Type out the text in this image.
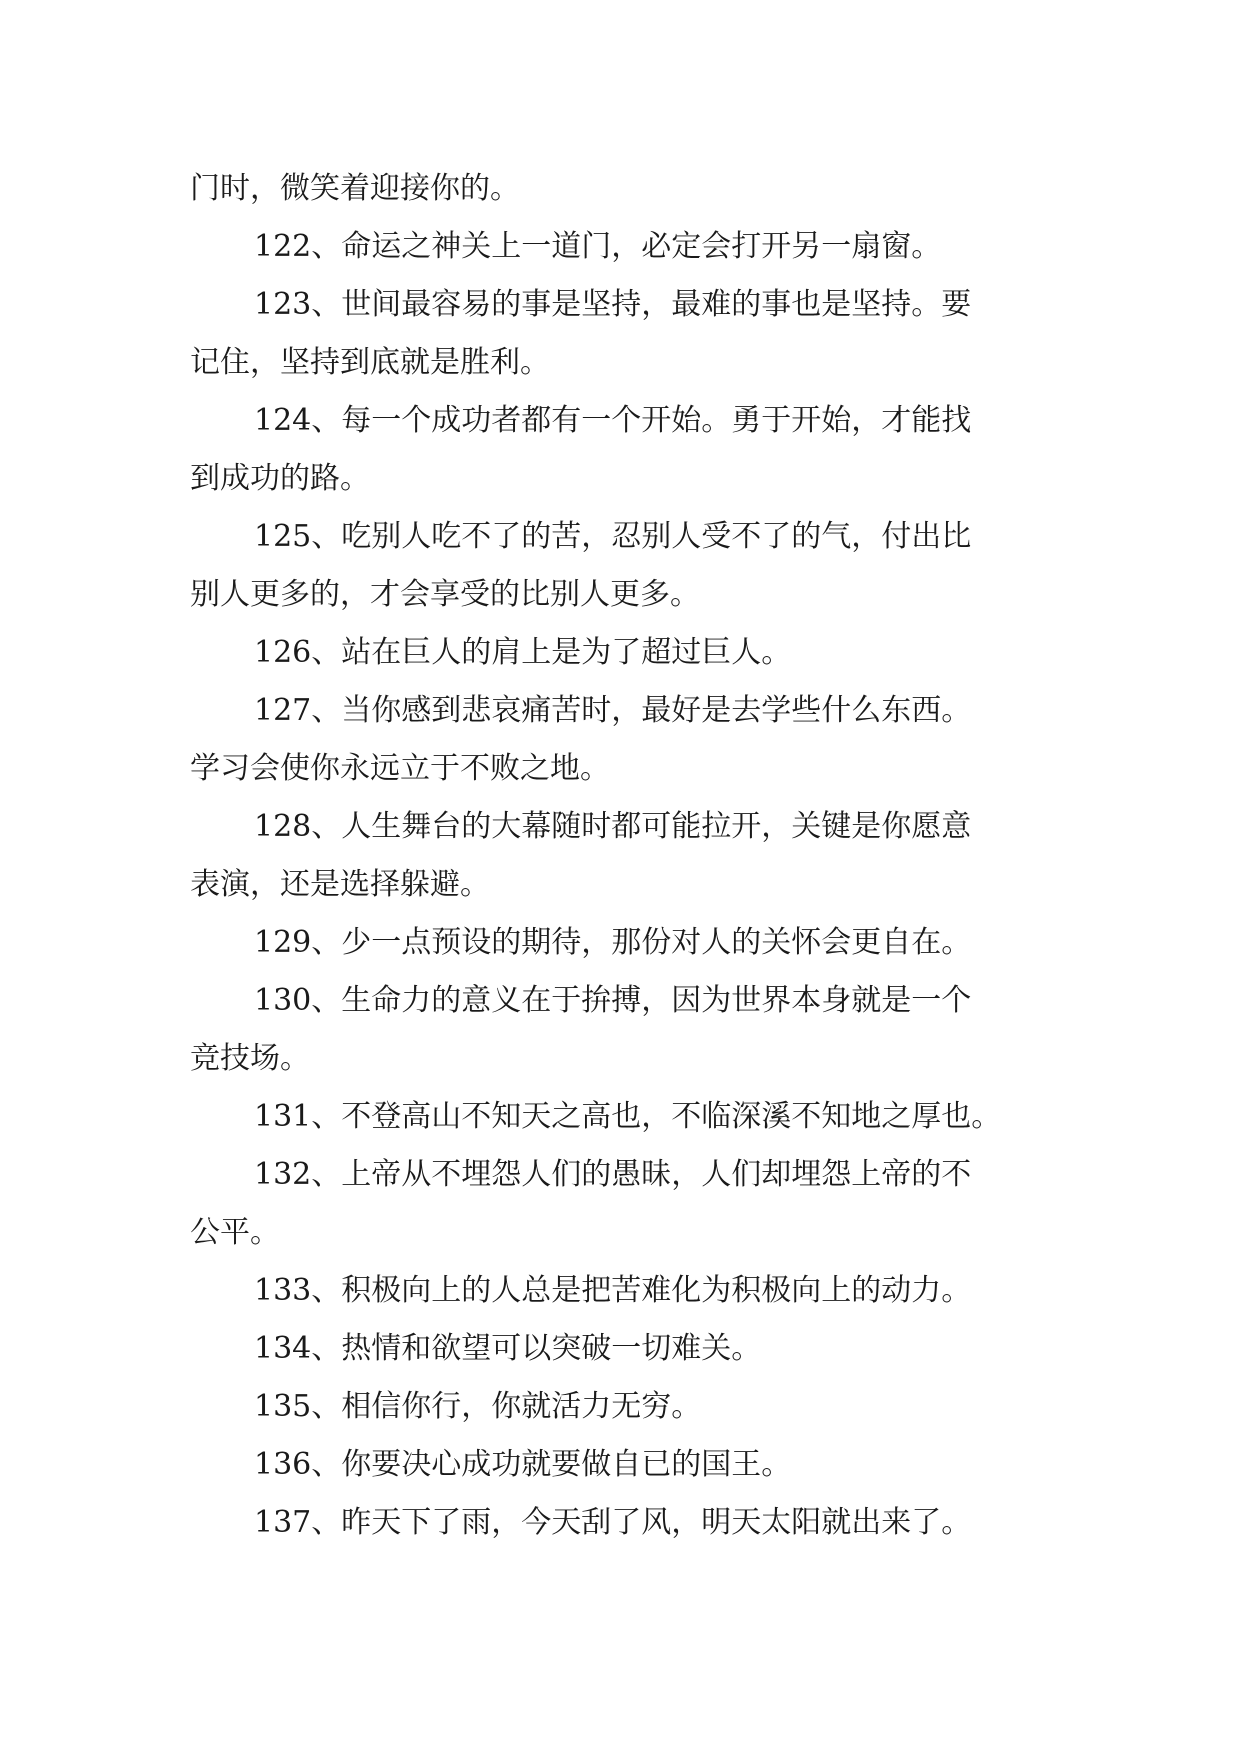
门时，微笑着迎接你的。

122、命运之神关上一道门，必定会打开另一扇窗。

123、世间最容易的事是坚持，最难的事也是坚持。要

记住，坚持到底就是胜利。

124、每一个成功者都有一个开始。勇于开始，才能找

到成功的路。

125、吃别人吃不了的苦，忍别人受不了的气，付出比

别人更多的，才会享受的比别人更多。

126、站在巨人的肩上是为了超过巨人。

127、当你感到悲哀痛苦时，最好是去学些什么东西。

学习会使你永远立于不败之地。

128、人生舞台的大幕随时都可能拉开，关键是你愿意

表演，还是选择躲避。

129、少一点预设的期待，那份对人的关怀会更自在。

130、生命力的意义在于拚搏，因为世界本身就是一个

竞技场。

131、不登高山不知天之高也，不临深溪不知地之厚也。

132、上帝从不埋怨人们的愚昧，人们却埋怨上帝的不

公平。

133、积极向上的人总是把苦难化为积极向上的动力。

134、热情和欲望可以突破一切难关。

135、相信你行，你就活力无穷。

136、你要决心成功就要做自已的国王。

137、昨天下了雨，今天刮了风，明天太阳就出来了。
